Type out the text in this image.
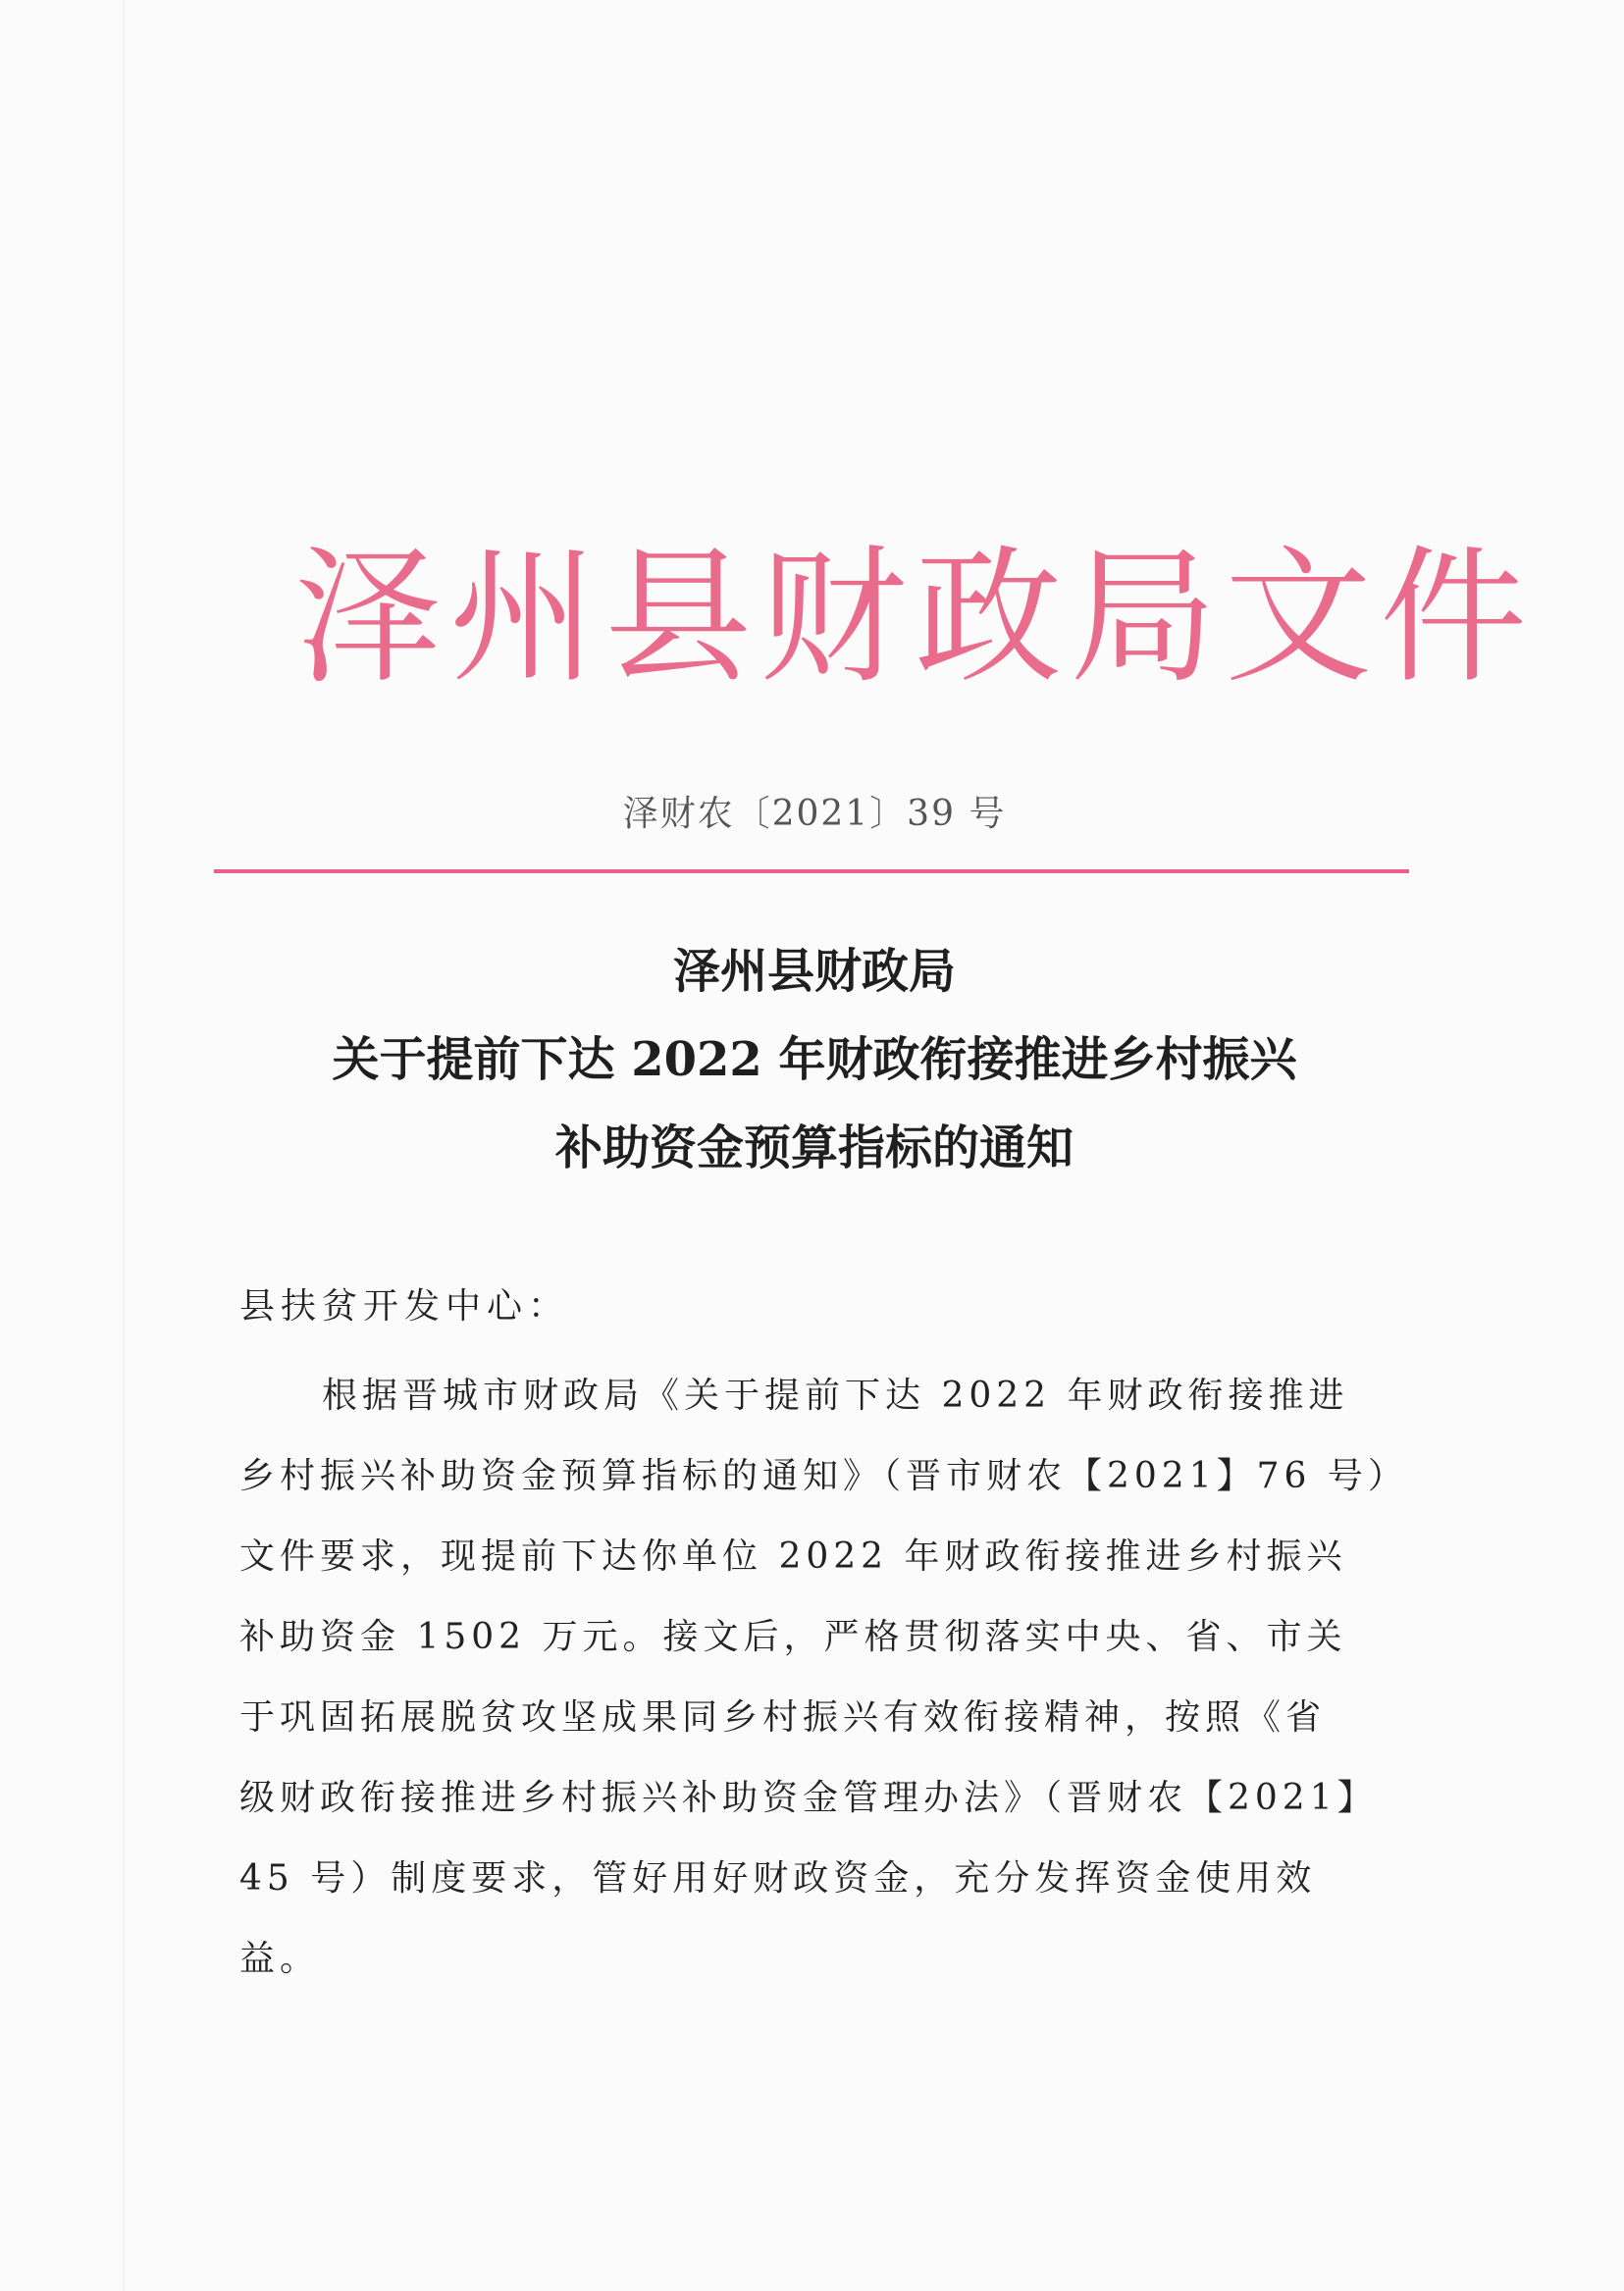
泽州县财政局文件
泽财农〔2021〕39 号
泽州县财政局
关于提前下达 2022 年财政衔接推进乡村振兴
补助资金预算指标的通知
县扶贫开发中心：
根据晋城市财政局《关于提前下达 2022 年财政衔接推进
乡村振兴补助资金预算指标的通知》（晋市财农【2021】76 号）
文件要求，现提前下达你单位 2022 年财政衔接推进乡村振兴
补助资金 1502 万元。接文后，严格贯彻落实中央、省、市关
于巩固拓展脱贫攻坚成果同乡村振兴有效衔接精神，按照《省
级财政衔接推进乡村振兴补助资金管理办法》（晋财农【2021】
45 号）制度要求，管好用好财政资金，充分发挥资金使用效
益。
